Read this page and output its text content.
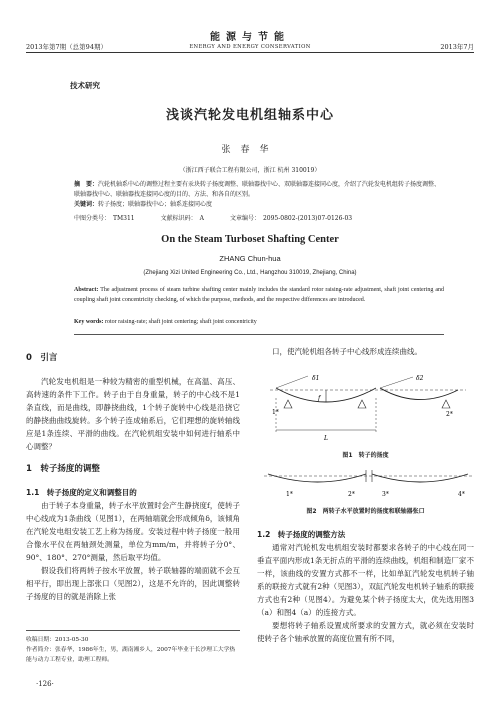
2013年第7期（总第94期）
能源与节能
ENERGY AND ENERGY CONSERVATION	2013年7月
技术研究
浅谈汽轮发电机组轴系中心
张春华
（浙江西子联合工程有限公司，浙江 杭州 310019）
摘　要：汽轮机轴系中心的调整过程主要有汞块转子扬度调整、联轴器找中心、双联轴器连接同心度，介绍了汽轮发电机组转子扬度调整、联轴器找中心、联轴器找连接同心度的目的、方法、和各自的区别。
关键词：转子扬度；联轴器找中心；轴系连接同心度
中图分类号：　TM311	文献标识码：　A	文章编号：　2095-0802-(2013)07-0126-03
On the Steam Turboset Shafting Center
ZHANG Chun-hua
(Zhejiang Xizi United Engineering Co., Ltd., Hangzhou 310019, Zhejiang, China)
Abstract: The adjustment process of steam turbine shafting center mainly includes the standard rotor raising-rate adjustment, shaft joint centering and coupling shaft joint concentricity checking, of which the purpose, methods, and the respective differences are introduced.
Key words: rotor raising-rate; shaft joint centering; shaft joint concentricity

0　引言

汽轮发电机组是一种较为精密的重型机械，在高温、高压、高转速的条件下工作。转子由于自身重量，转子的中心线不是1条直线，而是曲线，即静挠曲线，1个转子旋转中心线是沿挠它的静挠曲曲线旋转。多个转子连成轴系后，它们理想的旋转轴线应是1条连续、平滑的曲线。在汽轮机组安装中如何进行轴系中心调整？

1　转子扬度的调整

1.1　转子扬度的定义和调整目的

由于转子本身重量，转子水平放置时会产生静挠度f，使转子中心线成为1条曲线（见图1），在两轴端就会形成倾角δ，该倾角在汽轮发电组安装工艺上称为扬度。安装过程中转子扬度一般用合像水平仪在两轴颈处测量，单位为mm/m，并将转子分0°、90°、180°、270°测量，然后取平均值。

假设我们将两转子按水平放置，转子联轴器的端面就不会互相平行，即出现上部张口（见图2），这是不允许的，因此调整转子扬度的目的就是消除上张

收稿日期：2013-05-30
作者简介：张春华，1986年生，男，湖南湘乡人，2007年毕业于长沙理工大学热能与动力工程专业，助理工程师。
·126·

口，使汽轮机组各转子中心线形成连续曲线。

δ1	δ2
f
1*	2*
L
图1　转子的扬度
1*	2*	3*	4*
图2　两转子水平放置时的扬度和联轴器张口

1.2　转子扬度的调整方法

通常对汽轮机发电机组安装时都要求各转子的中心线在同一垂直平面内形成1条无折点的平滑的连续曲线，机组和制造厂家不一样，该曲线的安置方式都不一样，比如单缸汽轮发电机转子轴系的联接方式就有2种（见图3），双缸汽轮发电机转子轴系的联接方式也有2种（见图4）。为避免某个转子扬度太大，优先选用图3（a）和图4（a）的连接方式。

要想将转子轴系设置成所要求的安置方式，就必须在安装时使转子各个轴承放置的高度位置有所不同，
